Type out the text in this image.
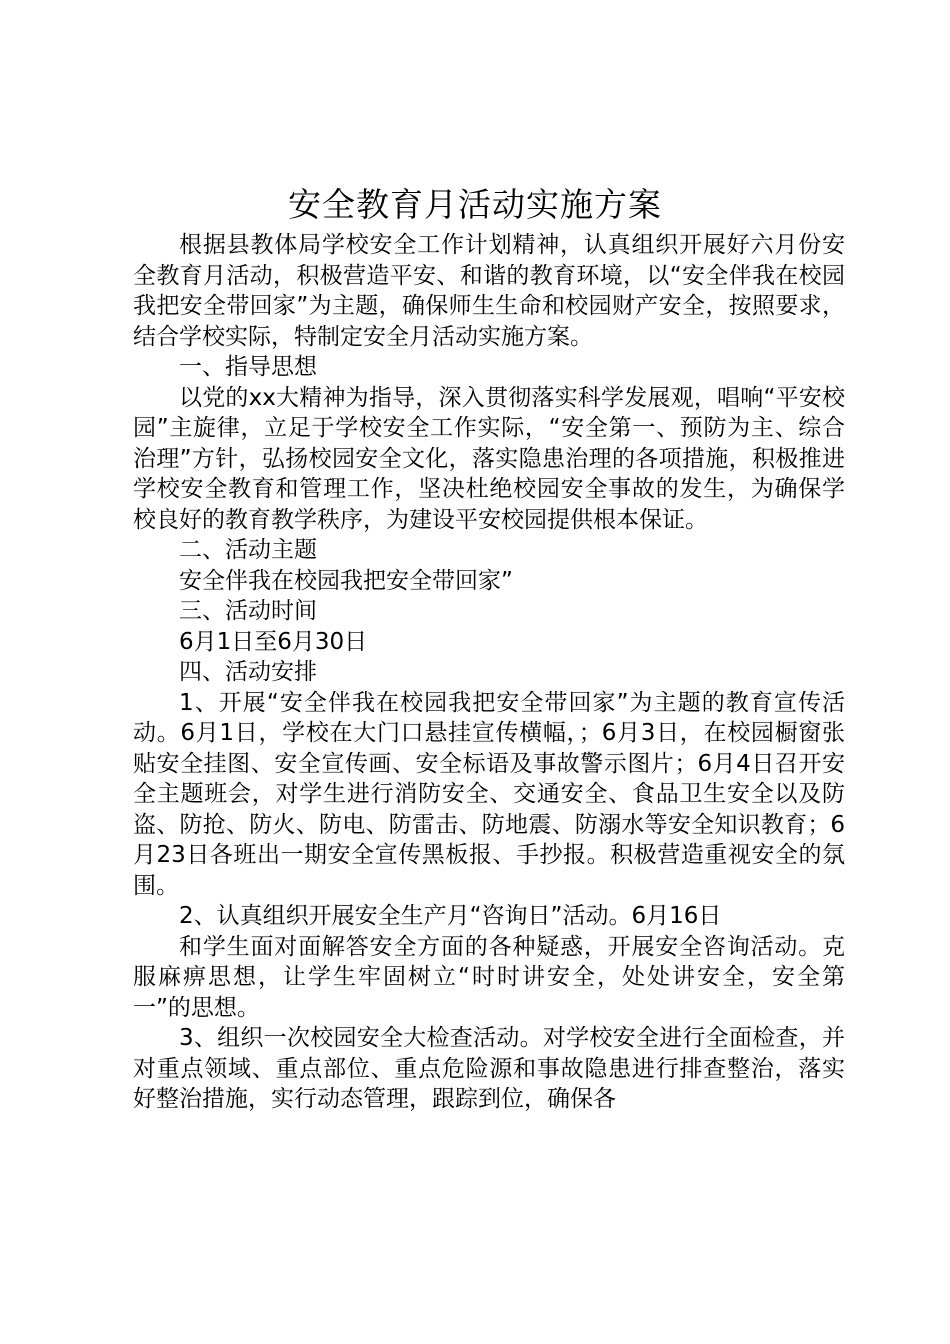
安全教育月活动实施方案

根据县教体局学校安全工作计划精神，认真组织开展好六月份安全教育月活动，积极营造平安、和谐的教育环境，以“安全伴我在校园我把安全带回家”为主题，确保师生生命和校园财产安全，按照要求，结合学校实际，特制定安全月活动实施方案。

一、指导思想

以党的xx大精神为指导，深入贯彻落实科学发展观，唱响“平安校园”主旋律，立足于学校安全工作实际，“安全第一、预防为主、综合治理”方针，弘扬校园安全文化，落实隐患治理的各项措施，积极推进学校安全教育和管理工作，坚决杜绝校园安全事故的发生，为确保学校良好的教育教学秩序，为建设平安校园提供根本保证。

二、活动主题

安全伴我在校园我把安全带回家”

三、活动时间

6月1日至6月30日

四、活动安排

1、开展“安全伴我在校园我把安全带回家”为主题的教育宣传活动。6月1日，学校在大门口悬挂宣传横幅，；6月3日，在校园橱窗张贴安全挂图、安全宣传画、安全标语及事故警示图片；6月4日召开安全主题班会，对学生进行消防安全、交通安全、食品卫生安全以及防盗、防抢、防火、防电、防雷击、防地震、防溺水等安全知识教育；6月23日各班出一期安全宣传黑板报、手抄报。积极营造重视安全的氛围。

2、认真组织开展安全生产月“咨询日”活动。6月16日

和学生面对面解答安全方面的各种疑惑，开展安全咨询活动。克服麻痹思想，让学生牢固树立“时时讲安全，处处讲安全，安全第一”的思想。

3、组织一次校园安全大检查活动。对学校安全进行全面检查，并对重点领域、重点部位、重点危险源和事故隐患进行排查整治，落实好整治措施，实行动态管理，跟踪到位，确保各
